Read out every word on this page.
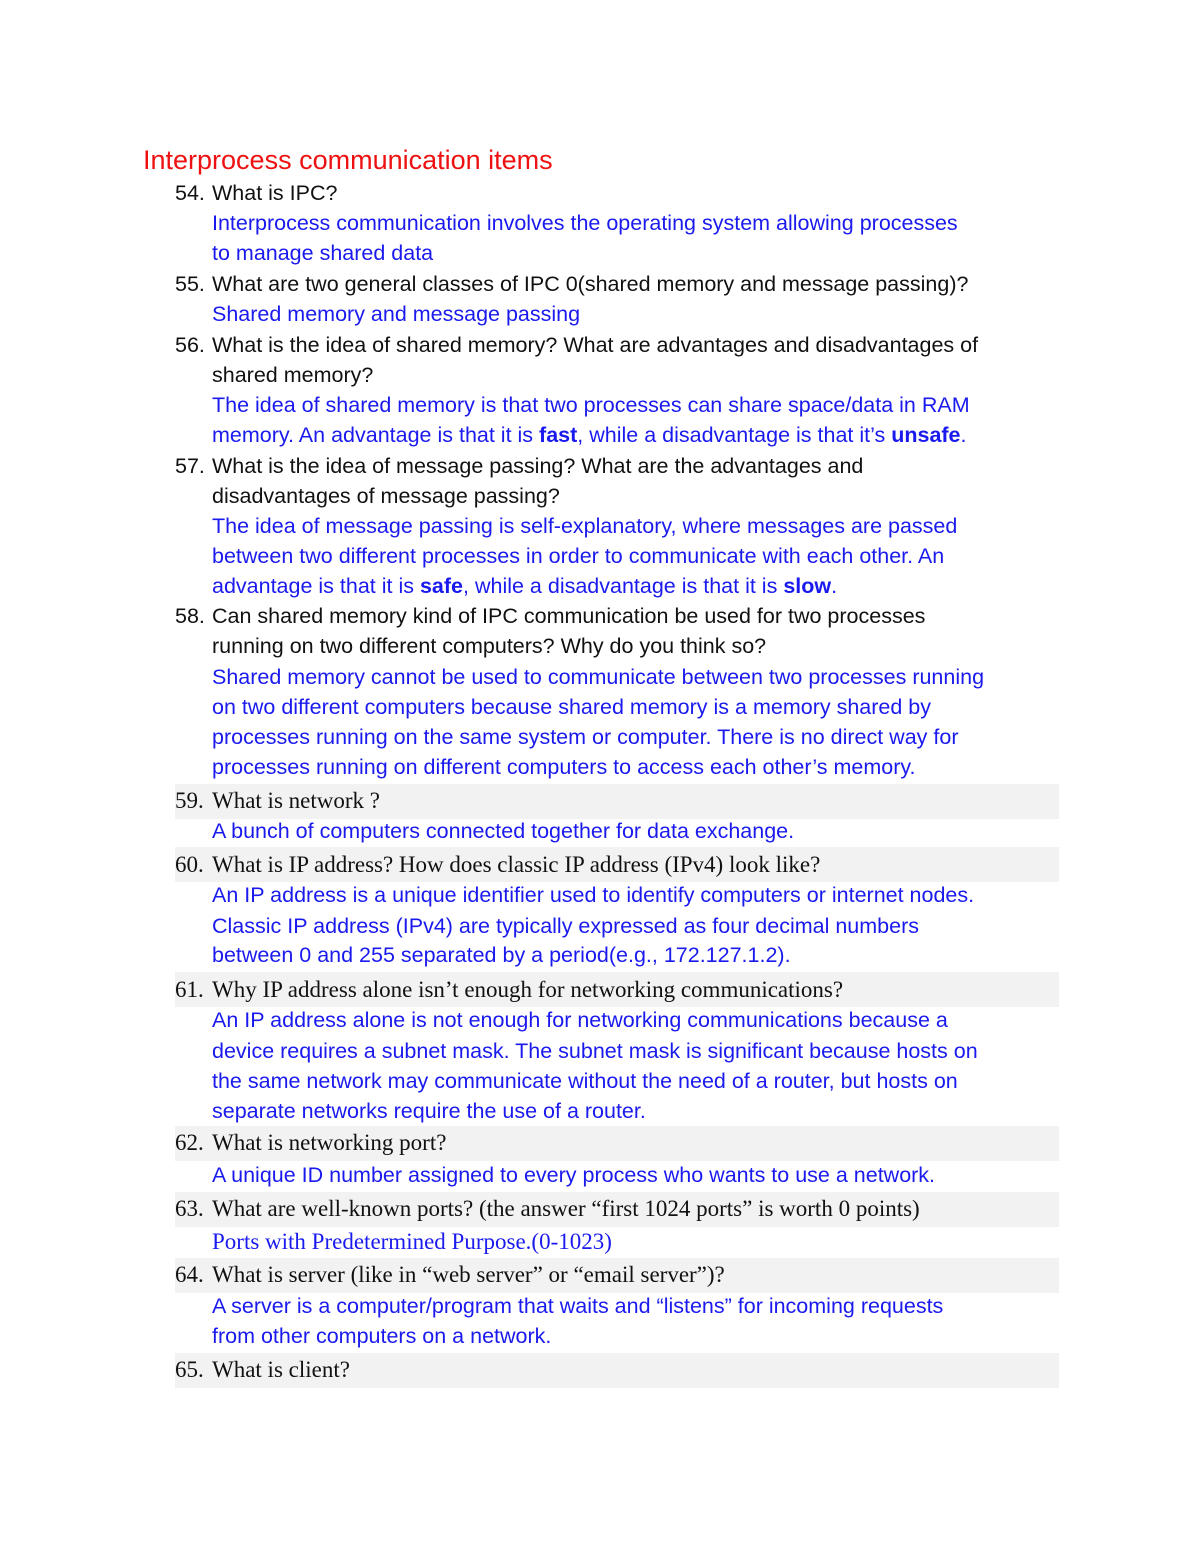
Interprocess communication items
54. What is IPC?
Interprocess communication involves the operating system allowing processes
to manage shared data
55. What are two general classes of IPC 0(shared memory and message passing)?
Shared memory and message passing
56. What is the idea of shared memory? What are advantages and disadvantages of
shared memory?
The idea of shared memory is that two processes can share space/data in RAM
memory. An advantage is that it is fast, while a disadvantage is that it’s unsafe.
57. What is the idea of message passing? What are the advantages and
disadvantages of message passing?
The idea of message passing is self-explanatory, where messages are passed
between two different processes in order to communicate with each other. An
advantage is that it is safe, while a disadvantage is that it is slow.
58. Can shared memory kind of IPC communication be used for two processes
running on two different computers? Why do you think so?
Shared memory cannot be used to communicate between two processes running
on two different computers because shared memory is a memory shared by
processes running on the same system or computer. There is no direct way for
processes running on different computers to access each other’s memory.
59. What is network ?
A bunch of computers connected together for data exchange.
60. What is IP address? How does classic IP address (IPv4) look like?
An IP address is a unique identifier used to identify computers or internet nodes.
Classic IP address (IPv4) are typically expressed as four decimal numbers
between 0 and 255 separated by a period(e.g., 172.127.1.2).
61. Why IP address alone isn’t enough for networking communications?
An IP address alone is not enough for networking communications because a
device requires a subnet mask. The subnet mask is significant because hosts on
the same network may communicate without the need of a router, but hosts on
separate networks require the use of a router.
62. What is networking port?
A unique ID number assigned to every process who wants to use a network.
63. What are well-known ports? (the answer “first 1024 ports” is worth 0 points)
Ports with Predetermined Purpose.(0-1023)
64. What is server (like in “web server” or “email server”)?
A server is a computer/program that waits and “listens” for incoming requests
from other computers on a network.
65. What is client?
